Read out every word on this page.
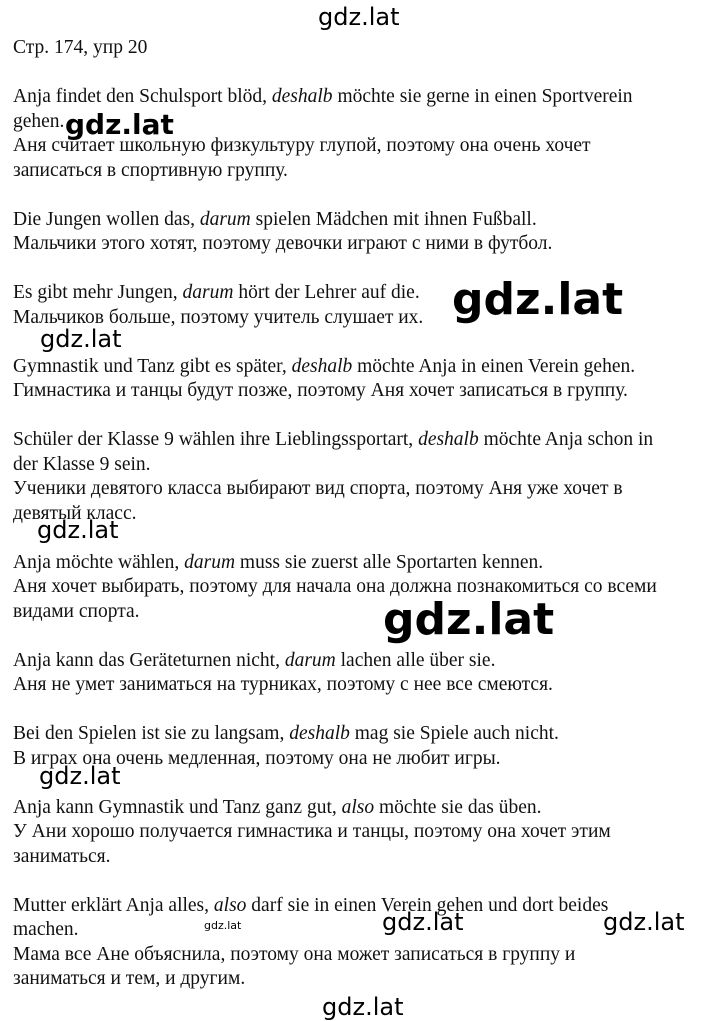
Стр. 174, упр 20
Anja findet den Schulsport blöd, deshalb möchte sie gerne in einen Sportverein
gehen.
Аня считает школьную физкультуру глупой, поэтому она очень хочет
записаться в спортивную группу.
Die Jungen wollen das, darum spielen Mädchen mit ihnen Fußball.
Мальчики этого хотят, поэтому девочки играют с ними в футбол.
Es gibt mehr Jungen, darum hört der Lehrer auf die.
Мальчиков больше, поэтому учитель слушает их.
Gymnastik und Tanz gibt es später, deshalb möchte Anja in einen Verein gehen.
Гимнастика и танцы будут позже, поэтому Аня хочет записаться в группу.
Schüler der Klasse 9 wählen ihre Lieblingssportart, deshalb möchte Anja schon in
der Klasse 9 sein.
Ученики девятого класса выбирают вид спорта, поэтому Аня уже хочет в
девятый класс.
Anja möchte wählen, darum muss sie zuerst alle Sportarten kennen.
Аня хочет выбирать, поэтому для начала она должна познакомиться со всеми
видами спорта.
Anja kann das Geräteturnen nicht, darum lachen alle über sie.
Аня не умет заниматься на турниках, поэтому с нее все смеются.
Bei den Spielen ist sie zu langsam, deshalb mag sie Spiele auch nicht.
В играх она очень медленная, поэтому она не любит игры.
Anja kann Gymnastik und Tanz ganz gut, also möchte sie das üben.
У Ани хорошо получается гимнастика и танцы, поэтому она хочет этим
заниматься.
Mutter erklärt Anja alles, also darf sie in einen Verein gehen und dort beides
machen.
Мама все Ане объяснила, поэтому она может записаться в группу и
заниматься и тем, и другим.
gdz.lat
gdz.lat
gdz.lat
gdz.lat
gdz.lat
gdz.lat
gdz.lat
gdz.lat	gdz.lat	gdz.lat
gdz.lat
